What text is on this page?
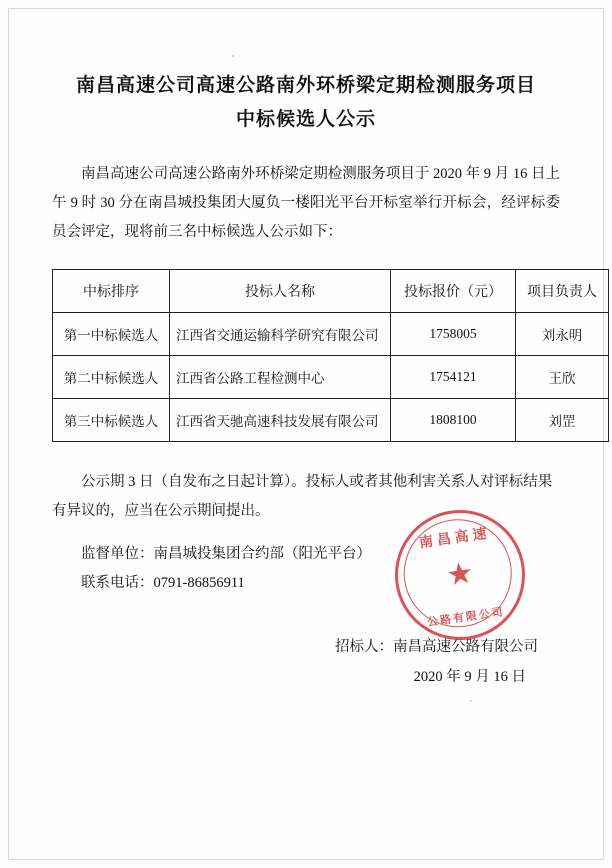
南昌高速公司高速公路南外环桥梁定期检测服务项目
中标候选人公示
南昌高速公司高速公路南外环桥梁定期检测服务项目于 2020 年 9 月 16 日上午 9 时 30 分在南昌城投集团大厦负一楼阳光平台开标室举行开标会，经评标委员会评定，现将前三名中标候选人公示如下：
中标排序	投标人名称	投标报价（元）	项目负责人
第一中标候选人	江西省交通运输科学研究有限公司	1758005	刘永明
第二中标候选人	江西省公路工程检测中心	1754121	王欣
第三中标候选人	江西省天驰高速科技发展有限公司	1808100	刘罡
公示期 3 日（自发布之日起计算）。投标人或者其他利害关系人对评标结果有异议的，应当在公示期间提出。
监督单位：南昌城投集团合约部（阳光平台）
联系电话：0791-86856911
招标人：南昌高速公路有限公司
2020 年 9 月 16 日
南昌高速
★
公路有限公司
